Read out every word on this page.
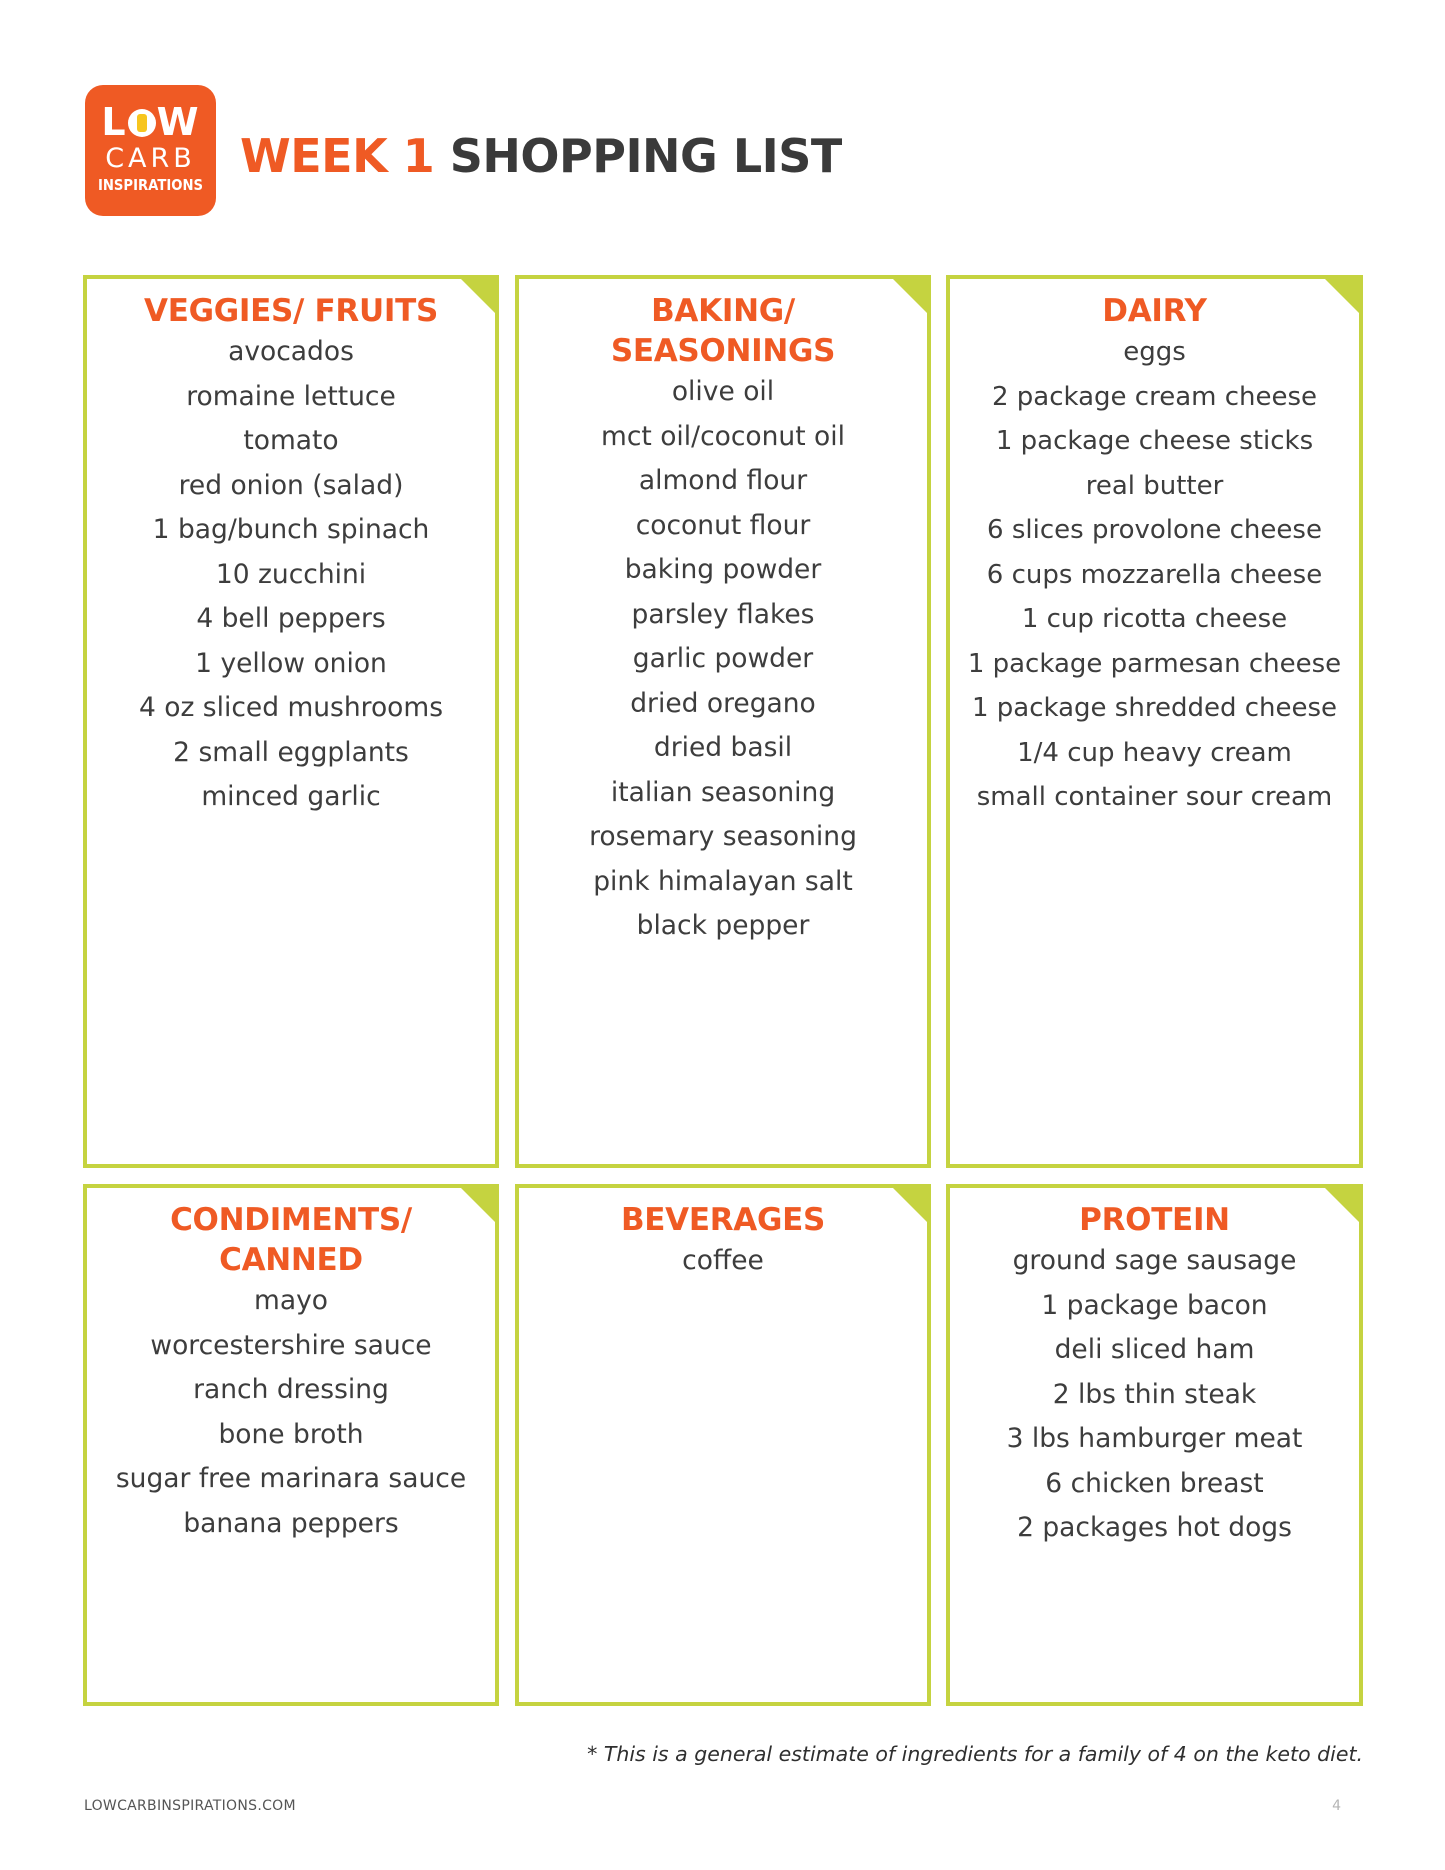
L W
CARB
INSPIRATIONS
WEEK 1 SHOPPING LIST
VEGGIES/ FRUITS
avocados
romaine lettuce
tomato
red onion (salad)
1 bag/bunch spinach
10 zucchini
4 bell peppers
1 yellow onion
4 oz sliced mushrooms
2 small eggplants
minced garlic
BAKING/
SEASONINGS
olive oil
mct oil/coconut oil
almond flour
coconut flour
baking powder
parsley flakes
garlic powder
dried oregano
dried basil
italian seasoning
rosemary seasoning
pink himalayan salt
black pepper
DAIRY
eggs
2 package cream cheese
1 package cheese sticks
real butter
6 slices provolone cheese
6 cups mozzarella cheese
1 cup ricotta cheese
1 package parmesan cheese
1 package shredded cheese
1/4 cup heavy cream
small container sour cream
CONDIMENTS/
CANNED
mayo
worcestershire sauce
ranch dressing
bone broth
sugar free marinara sauce
banana peppers
BEVERAGES
coffee
PROTEIN
ground sage sausage
1 package bacon
deli sliced ham
2 lbs thin steak
3 lbs hamburger meat
6 chicken breast
2 packages hot dogs
* This is a general estimate of ingredients for a family of 4 on the keto diet.
LOWCARBINSPIRATIONS.COM	4
